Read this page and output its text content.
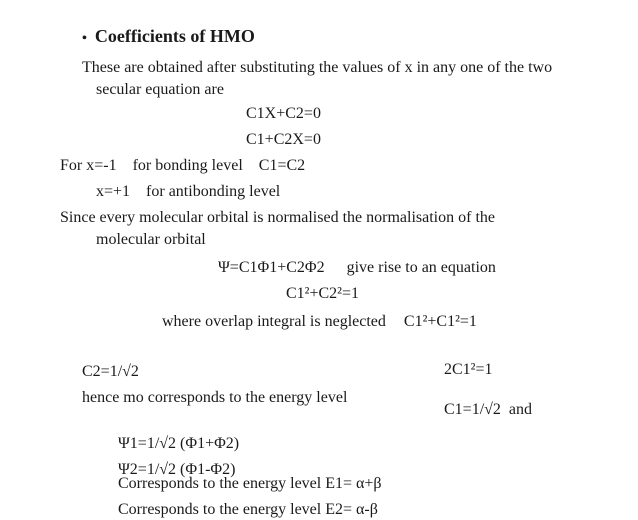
• Coefficients of HMO
These are obtained after substituting the values of x in any one of the two
secular equation are
C1X+C2=0
C1+C2X=0
For x=-1    for bonding level C1=C2
x=+1    for antibonding level
Since every molecular orbital is normalised the normalisation of the
molecular orbital
Ψ=C1Φ1+C2Φ2 give rise to an equation
C1²+C2²=1
where overlap integral is neglected C1²+C1²=1

2C1²=1

C1=1/√2  and

C2=1/√2
hence mo corresponds to the energy level

Ψ1=1/√2 (Φ1+Φ2)

Corresponds to the energy level E1= α+β

Ψ2=1/√2 (Φ1-Φ2)

Corresponds to the energy level E2= α-β
